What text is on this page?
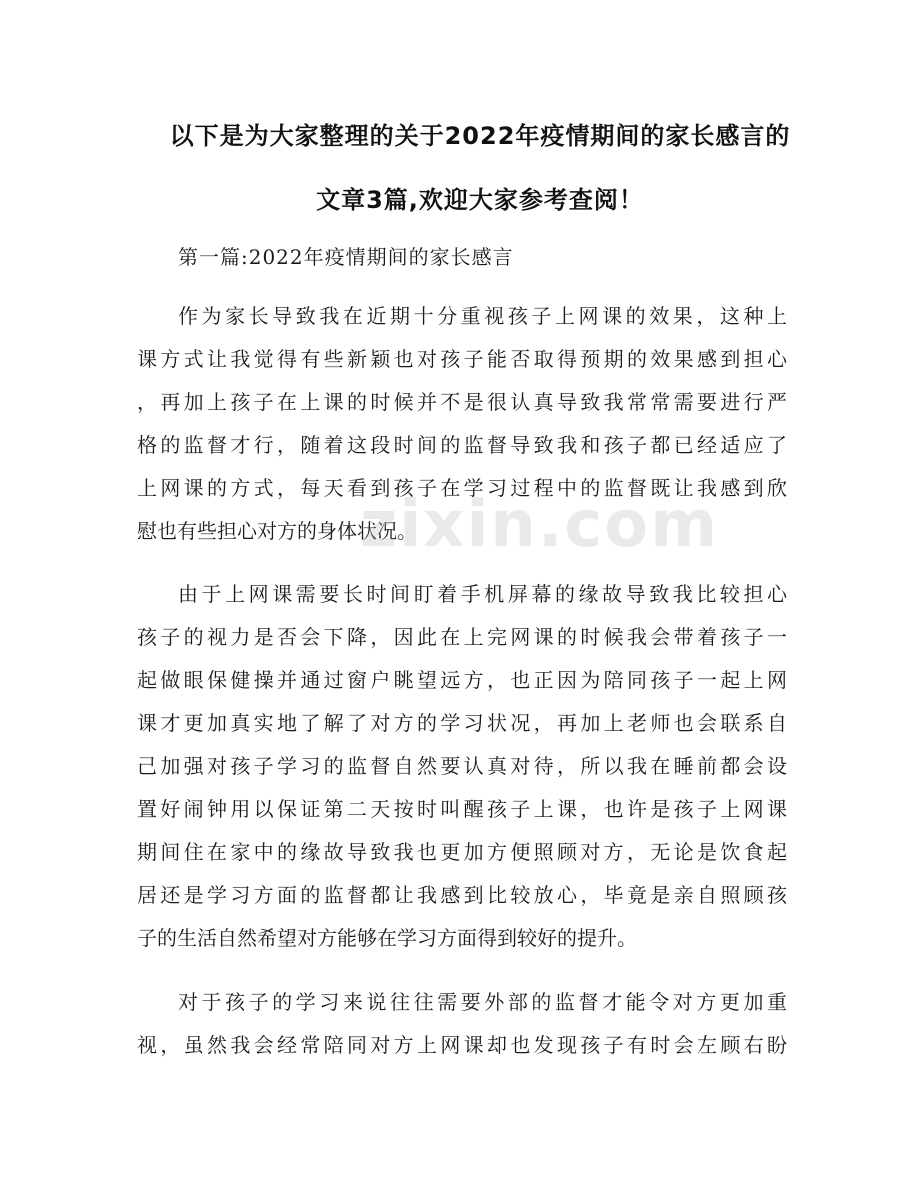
以下是为大家整理的关于2022年疫情期间的家长感言的
文章3篇,欢迎大家参考查阅！
第一篇:2022年疫情期间的家长感言
作为家长导致我在近期十分重视孩子上网课的效果，这种上
课方式让我觉得有些新颖也对孩子能否取得预期的效果感到担心
，再加上孩子在上课的时候并不是很认真导致我常常需要进行严
格的监督才行，随着这段时间的监督导致我和孩子都已经适应了
上网课的方式，每天看到孩子在学习过程中的监督既让我感到欣
慰也有些担心对方的身体状况。
由于上网课需要长时间盯着手机屏幕的缘故导致我比较担心
孩子的视力是否会下降，因此在上完网课的时候我会带着孩子一
起做眼保健操并通过窗户眺望远方，也正因为陪同孩子一起上网
课才更加真实地了解了对方的学习状况，再加上老师也会联系自
己加强对孩子学习的监督自然要认真对待，所以我在睡前都会设
置好闹钟用以保证第二天按时叫醒孩子上课，也许是孩子上网课
期间住在家中的缘故导致我也更加方便照顾对方，无论是饮食起
居还是学习方面的监督都让我感到比较放心，毕竟是亲自照顾孩
子的生活自然希望对方能够在学习方面得到较好的提升。
对于孩子的学习来说往往需要外部的监督才能令对方更加重
视，虽然我会经常陪同对方上网课却也发现孩子有时会左顾右盼
zixin.com
